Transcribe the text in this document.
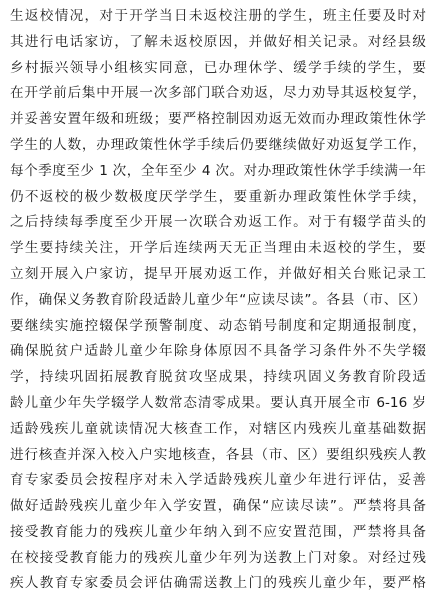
生返校情况，对于开学当日未返校注册的学生，班主任要及时对
其进行电话家访，了解未返校原因，并做好相关记录。对经县级
乡村振兴领导小组核实同意，已办理休学、缓学手续的学生，要
在开学前后集中开展一次多部门联合劝返，尽力劝导其返校复学，
并妥善安置年级和班级；要严格控制因劝返无效而办理政策性休学
学生的人数，办理政策性休学手续后仍要继续做好劝返复学工作，
每个季度至少 1 次，全年至少 4 次。对办理政策性休学手续满一年
仍不返校的极少数极度厌学学生，要重新办理政策性休学手续，
之后持续每季度至少开展一次联合劝返工作。对于有辍学苗头的
学生要持续关注，开学后连续两天无正当理由未返校的学生，要
立刻开展入户家访，提早开展劝返工作，并做好相关台账记录工
作，确保义务教育阶段适龄儿童少年“应读尽读”。各县（市、区）
要继续实施控辍保学预警制度、动态销号制度和定期通报制度，
确保脱贫户适龄儿童少年除身体原因不具备学习条件外不失学辍
学，持续巩固拓展教育脱贫攻坚成果，持续巩固义务教育阶段适
龄儿童少年失学辍学人数常态清零成果。要认真开展全市 6-16 岁
适龄残疾儿童就读情况大核查工作，对辖区内残疾儿童基础数据
进行核查并深入校入户实地核查，各县（市、区）要组织残疾人教
育专家委员会按程序对未入学适龄残疾儿童少年进行评估，妥善
做好适龄残疾儿童少年入学安置，确保“应读尽读”。严禁将具备
接受教育能力的残疾儿童少年纳入到不应安置范围，严禁将具备
在校接受教育能力的残疾儿童少年列为送教上门对象。对经过残
疾人教育专家委员会评估确需送教上门的残疾儿童少年，要严格
